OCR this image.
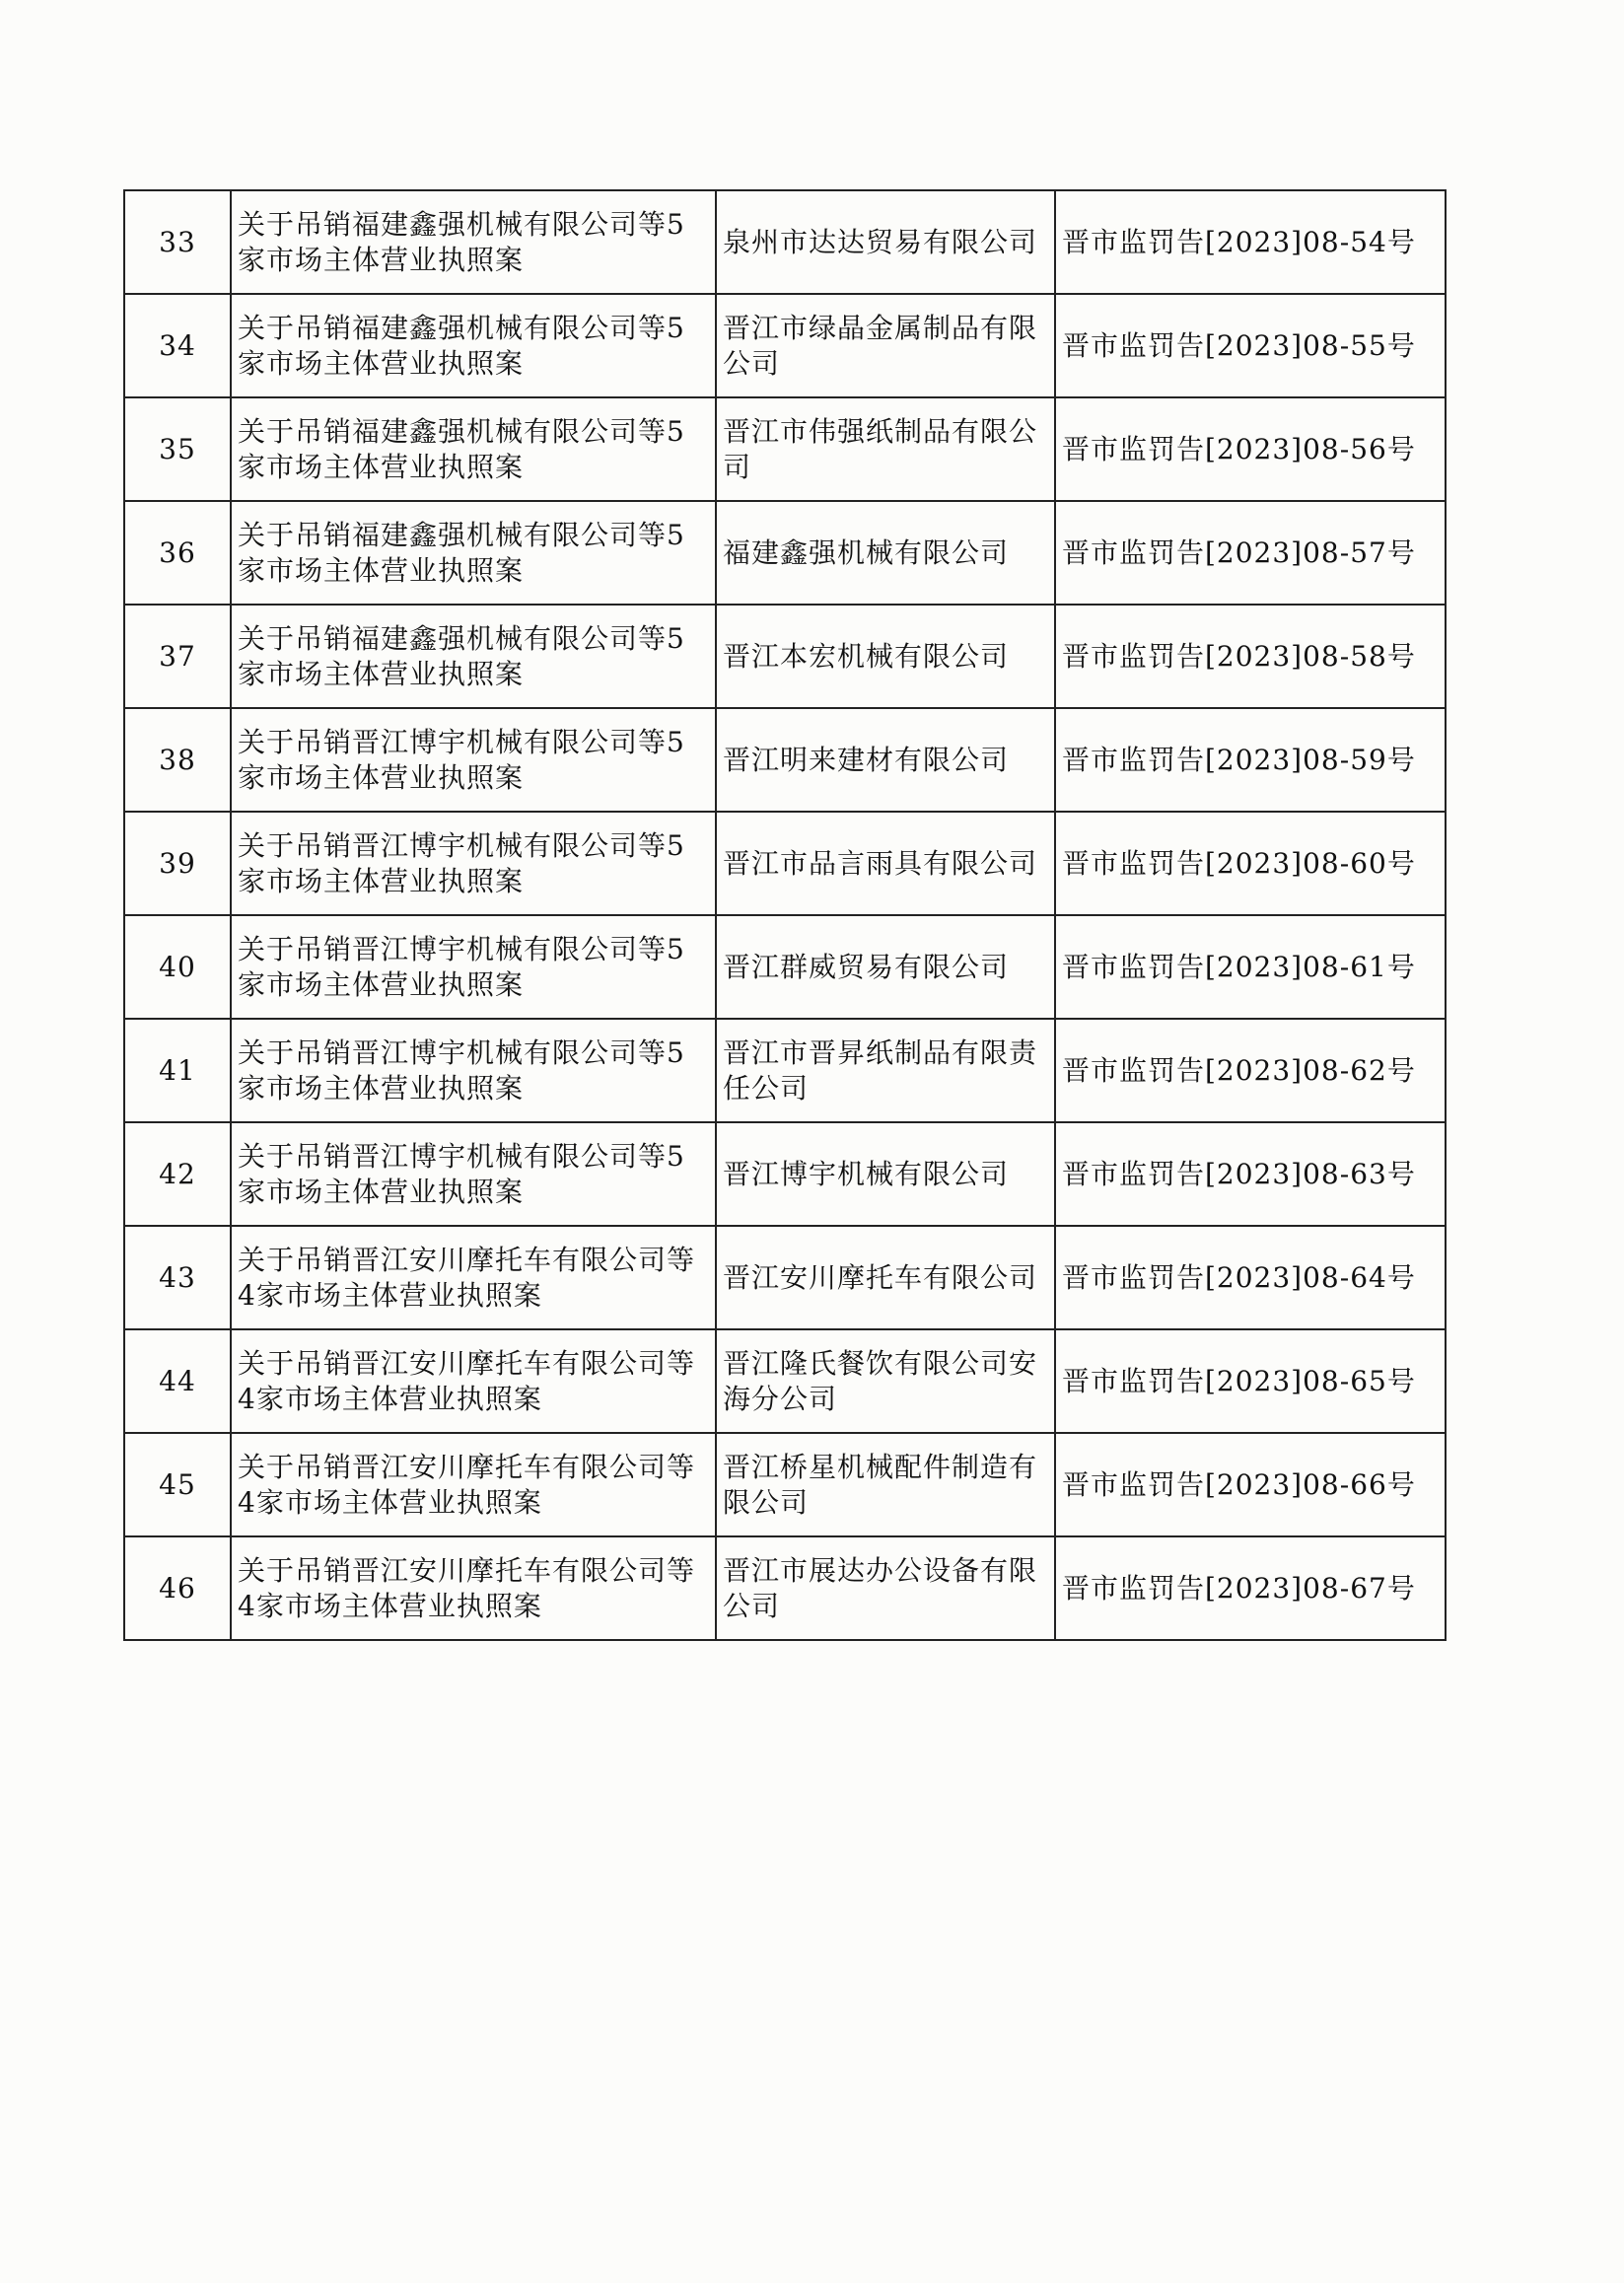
33	关于吊销福建鑫强机械有限公司等5家市场主体营业执照案	泉州市达达贸易有限公司	晋市监罚告[2023]08-54号
34	关于吊销福建鑫强机械有限公司等5家市场主体营业执照案	晋江市绿晶金属制品有限公司	晋市监罚告[2023]08-55号
35	关于吊销福建鑫强机械有限公司等5家市场主体营业执照案	晋江市伟强纸制品有限公司	晋市监罚告[2023]08-56号
36	关于吊销福建鑫强机械有限公司等5家市场主体营业执照案	福建鑫强机械有限公司	晋市监罚告[2023]08-57号
37	关于吊销福建鑫强机械有限公司等5家市场主体营业执照案	晋江本宏机械有限公司	晋市监罚告[2023]08-58号
38	关于吊销晋江博宇机械有限公司等5家市场主体营业执照案	晋江明来建材有限公司	晋市监罚告[2023]08-59号
39	关于吊销晋江博宇机械有限公司等5家市场主体营业执照案	晋江市品言雨具有限公司	晋市监罚告[2023]08-60号
40	关于吊销晋江博宇机械有限公司等5家市场主体营业执照案	晋江群威贸易有限公司	晋市监罚告[2023]08-61号
41	关于吊销晋江博宇机械有限公司等5家市场主体营业执照案	晋江市晋昇纸制品有限责任公司	晋市监罚告[2023]08-62号
42	关于吊销晋江博宇机械有限公司等5家市场主体营业执照案	晋江博宇机械有限公司	晋市监罚告[2023]08-63号
43	关于吊销晋江安川摩托车有限公司等4家市场主体营业执照案	晋江安川摩托车有限公司	晋市监罚告[2023]08-64号
44	关于吊销晋江安川摩托车有限公司等4家市场主体营业执照案	晋江隆氏餐饮有限公司安海分公司	晋市监罚告[2023]08-65号
45	关于吊销晋江安川摩托车有限公司等4家市场主体营业执照案	晋江桥星机械配件制造有限公司	晋市监罚告[2023]08-66号
46	关于吊销晋江安川摩托车有限公司等4家市场主体营业执照案	晋江市展达办公设备有限公司	晋市监罚告[2023]08-67号
